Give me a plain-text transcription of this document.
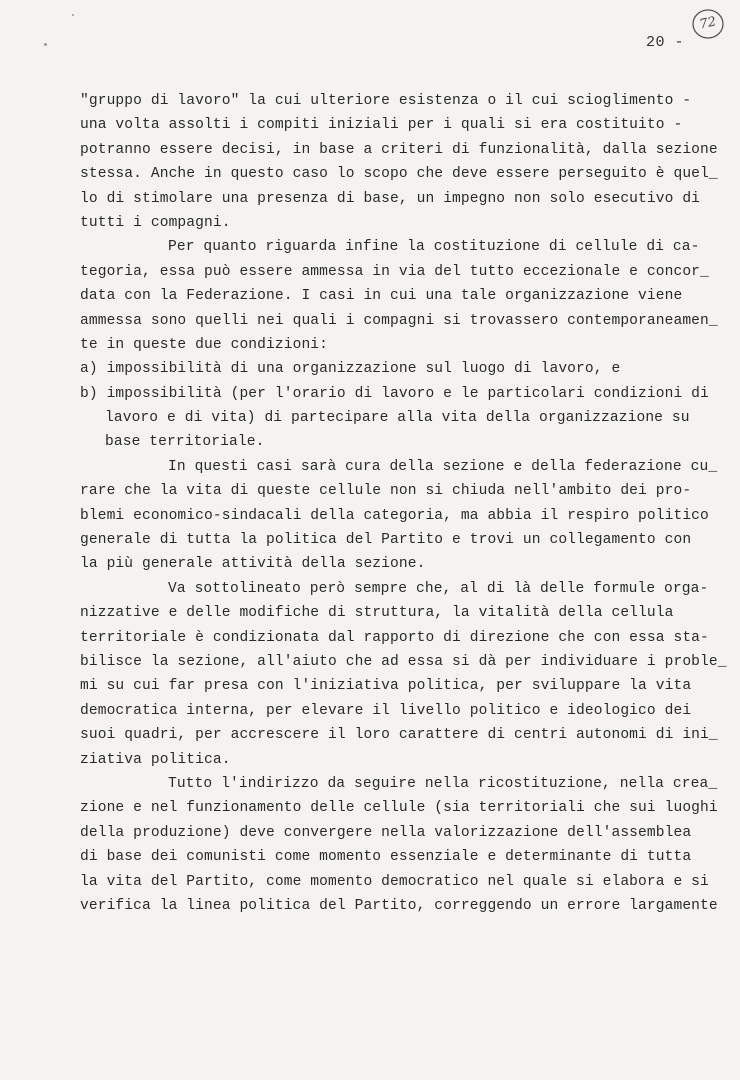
72
20 -
"gruppo di lavoro" la cui ulteriore esistenza o il cui scioglimento -
una volta assolti i compiti iniziali per i quali si era costituito -
potranno essere decisi, in base a criteri di funzionalità, dalla sezione
stessa. Anche in questo caso lo scopo che deve essere perseguito è quel_
lo di stimolare una presenza di base, un impegno non solo esecutivo di
tutti i compagni.
Per quanto riguarda infine la costituzione di cellule di ca-
tegoria, essa può essere ammessa in via del tutto eccezionale e concor_
data con la Federazione. I casi in cui una tale organizzazione viene
ammessa sono quelli nei quali i compagni si trovassero contemporaneamen_
te in queste due condizioni:
a) impossibilità di una organizzazione sul luogo di lavoro, e
b) impossibilità (per l'orario di lavoro e le particolari condizioni di
lavoro e di vita) di partecipare alla vita della organizzazione su
base territoriale.
In questi casi sarà cura della sezione e della federazione cu_
rare che la vita di queste cellule non si chiuda nell'ambito dei pro-
blemi economico-sindacali della categoria, ma abbia il respiro politico
generale di tutta la politica del Partito e trovi un collegamento con
la più generale attività della sezione.
Va sottolineato però sempre che, al di là delle formule orga-
nizzative e delle modifiche di struttura, la vitalità della cellula
territoriale è condizionata dal rapporto di direzione che con essa sta-
bilisce la sezione, all'aiuto che ad essa si dà per individuare i proble_
mi su cui far presa con l'iniziativa politica, per sviluppare la vita
democratica interna, per elevare il livello politico e ideologico dei
suoi quadri, per accrescere il loro carattere di centri autonomi di ini_
ziativa politica.
Tutto l'indirizzo da seguire nella ricostituzione, nella crea_
zione e nel funzionamento delle cellule (sia territoriali che sui luoghi
della produzione) deve convergere nella valorizzazione dell'assemblea
di base dei comunisti come momento essenziale e determinante di tutta
la vita del Partito, come momento democratico nel quale si elabora e si
verifica la linea politica del Partito, correggendo un errore largamente
